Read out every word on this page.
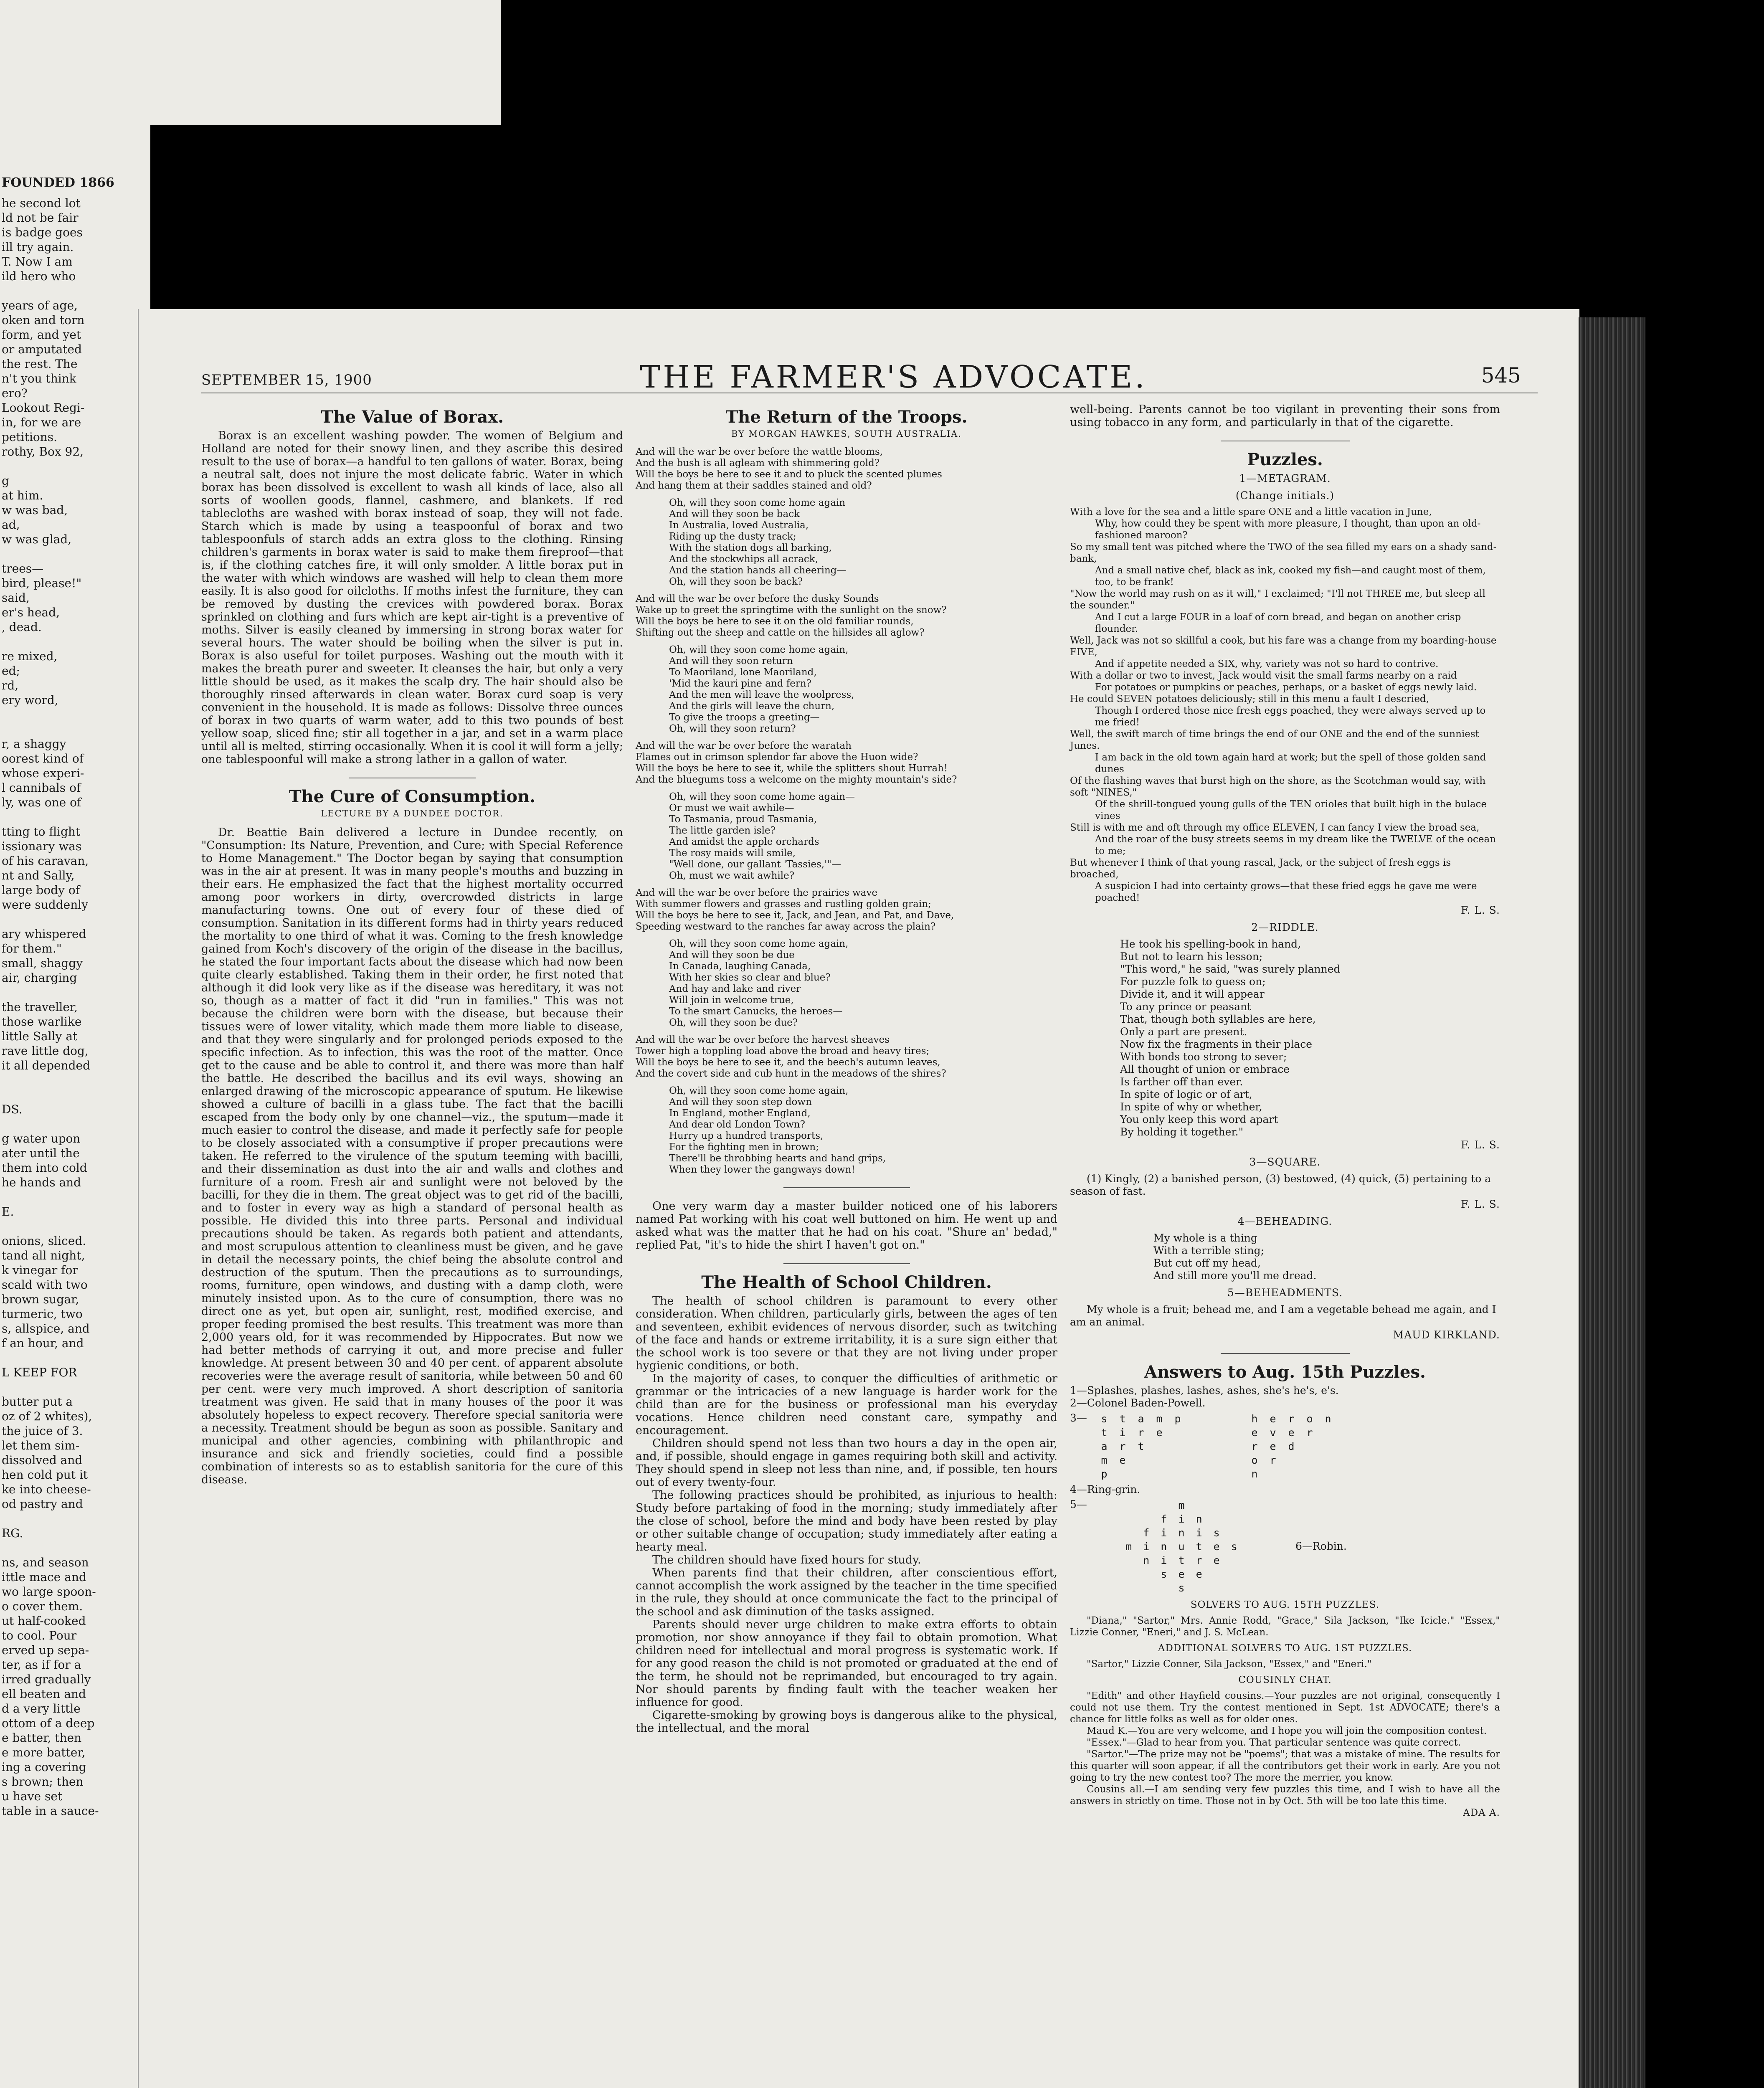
FOUNDED 1866
he second lot
ld not be fair
is badge goes
ill try again.
T. Now I am
ild hero who

years of age,
oken and torn
form, and yet
or amputated
the rest. The
n't you think
ero?
Lookout Regi-
in, for we are
petitions.
rothy, Box 92,

g
at him.
w was bad,
ad,
w was glad,

trees—
bird, please!"
said,
er's head,
, dead.

re mixed,
ed;
rd,
ery word,

r, a shaggy
oorest kind of
whose experi-
l cannibals of
ly, was one of

tting to flight
issionary was
of his caravan,
nt and Sally,
large body of
were suddenly

ary whispered
for them."
small, shaggy
air, charging

the traveller,
those warlike
little Sally at
rave little dog,
it all depended

DS.

g water upon
ater until the
them into cold
he hands and

E.

onions, sliced.
tand all night,
k vinegar for
scald with two
brown sugar,
turmeric, two
s, allspice, and
f an hour, and

L KEEP FOR

butter put a
oz of 2 whites),
the juice of 3.
let them sim-
dissolved and
hen cold put it
ke into cheese-
od pastry and

RG.

ns, and season
ittle mace and
wo large spoon-
o cover them.
ut half-cooked
to cool. Pour
erved up sepa-
ter, as if for a
irred gradually
ell beaten and
d a very little
ottom of a deep
e batter, then
e more batter,
ing a covering
s brown; then
u have set
table in a sauce-
SEPTEMBER 15, 1900	THE FARMER'S ADVOCATE.	545
The Value of Borax.

Borax is an excellent washing powder. The women of Belgium and Holland are noted for their snowy linen, and they ascribe this desired result to the use of borax—a handful to ten gallons of water. Borax, being a neutral salt, does not injure the most delicate fabric. Water in which borax has been dissolved is excellent to wash all kinds of lace, also all sorts of woollen goods, flannel, cashmere, and blankets. If red tablecloths are washed with borax instead of soap, they will not fade. Starch which is made by using a teaspoonful of borax and two tablespoonfuls of starch adds an extra gloss to the clothing. Rinsing children's garments in borax water is said to make them fireproof—that is, if the clothing catches fire, it will only smolder. A little borax put in the water with which windows are washed will help to clean them more easily. It is also good for oilcloths. If moths infest the furniture, they can be removed by dusting the crevices with powdered borax. Borax sprinkled on clothing and furs which are kept air-tight is a preventive of moths. Silver is easily cleaned by immersing in strong borax water for several hours. The water should be boiling when the silver is put in. Borax is also useful for toilet purposes. Washing out the mouth with it makes the breath purer and sweeter. It cleanses the hair, but only a very little should be used, as it makes the scalp dry. The hair should also be thoroughly rinsed afterwards in clean water. Borax curd soap is very convenient in the household. It is made as follows: Dissolve three ounces of borax in two quarts of warm water, add to this two pounds of best yellow soap, sliced fine; stir all together in a jar, and set in a warm place until all is melted, stirring occasionally. When it is cool it will form a jelly; one tablespoonful will make a strong lather in a gallon of water.

The Cure of Consumption.
LECTURE BY A DUNDEE DOCTOR.

Dr. Beattie Bain delivered a lecture in Dundee recently, on "Consumption: Its Nature, Prevention, and Cure; with Special Reference to Home Management." The Doctor began by saying that consumption was in the air at present. It was in many people's mouths and buzzing in their ears. He emphasized the fact that the highest mortality occurred among poor workers in dirty, overcrowded districts in large manufacturing towns. One out of every four of these died of consumption. Sanitation in its different forms had in thirty years reduced the mortality to one third of what it was. Coming to the fresh knowledge gained from Koch's discovery of the origin of the disease in the bacillus, he stated the four important facts about the disease which had now been quite clearly established. Taking them in their order, he first noted that although it did look very like as if the disease was hereditary, it was not so, though as a matter of fact it did "run in families." This was not because the children were born with the disease, but because their tissues were of lower vitality, which made them more liable to disease, and that they were singularly and for prolonged periods exposed to the specific infection. As to infection, this was the root of the matter. Once get to the cause and be able to control it, and there was more than half the battle. He described the bacillus and its evil ways, showing an enlarged drawing of the microscopic appearance of sputum. He likewise showed a culture of bacilli in a glass tube. The fact that the bacilli escaped from the body only by one channel—viz., the sputum—made it much easier to control the disease, and made it perfectly safe for people to be closely associated with a consumptive if proper precautions were taken. He referred to the virulence of the sputum teeming with bacilli, and their dissemination as dust into the air and walls and clothes and furniture of a room. Fresh air and sunlight were not beloved by the bacilli, for they die in them. The great object was to get rid of the bacilli, and to foster in every way as high a standard of personal health as possible. He divided this into three parts. Personal and individual precautions should be taken. As regards both patient and attendants, and most scrupulous attention to cleanliness must be given, and he gave in detail the necessary points, the chief being the absolute control and destruction of the sputum. Then the precautions as to surroundings, rooms, furniture, open windows, and dusting with a damp cloth, were minutely insisted upon. As to the cure of consumption, there was no direct one as yet, but open air, sunlight, rest, modified exercise, and proper feeding promised the best results. This treatment was more than 2,000 years old, for it was recommended by Hippocrates. But now we had better methods of carrying it out, and more precise and fuller knowledge. At present between 30 and 40 per cent. of apparent absolute recoveries were the average result of sanitoria, while between 50 and 60 per cent. were very much improved. A short description of sanitoria treatment was given. He said that in many houses of the poor it was absolutely hopeless to expect recovery. Therefore special sanitoria were a necessity. Treatment should be begun as soon as possible. Sanitary and municipal and other agencies, combining with philanthropic and insurance and sick and friendly societies, could find a possible combination of interests so as to establish sanitoria for the cure of this disease.

The Return of the Troops.
BY MORGAN HAWKES, SOUTH AUSTRALIA.
And will the war be over before the wattle blooms,
And the bush is all agleam with shimmering gold?
Will the boys be here to see it and to pluck the scented plumes
And hang them at their saddles stained and old?
Oh, will they soon come home again
And will they soon be back
In Australia, loved Australia,
Riding up the dusty track;
With the station dogs all barking,
And the stockwhips all acrack,
And the station hands all cheering—
Oh, will they soon be back?
And will the war be over before the dusky Sounds
Wake up to greet the springtime with the sunlight on the snow?
Will the boys be here to see it on the old familiar rounds,
Shifting out the sheep and cattle on the hillsides all aglow?
Oh, will they soon come home again,
And will they soon return
To Maoriland, lone Maoriland,
'Mid the kauri pine and fern?
And the men will leave the woolpress,
And the girls will leave the churn,
To give the troops a greeting—
Oh, will they soon return?
And will the war be over before the waratah
Flames out in crimson splendor far above the Huon wide?
Will the boys be here to see it, while the splitters shout Hurrah!
And the bluegums toss a welcome on the mighty mountain's side?
Oh, will they soon come home again—
Or must we wait awhile—
To Tasmania, proud Tasmania,
The little garden isle?
And amidst the apple orchards
The rosy maids will smile,
"Well done, our gallant 'Tassies,'"—
Oh, must we wait awhile?
And will the war be over before the prairies wave
With summer flowers and grasses and rustling golden grain;
Will the boys be here to see it, Jack, and Jean, and Pat, and Dave,
Speeding westward to the ranches far away across the plain?
Oh, will they soon come home again,
And will they soon be due
In Canada, laughing Canada,
With her skies so clear and blue?
And hay and lake and river
Will join in welcome true,
To the smart Canucks, the heroes—
Oh, will they soon be due?
And will the war be over before the harvest sheaves
Tower high a toppling load above the broad and heavy tires;
Will the boys be here to see it, and the beech's autumn leaves,
And the covert side and cub hunt in the meadows of the shires?
Oh, will they soon come home again,
And will they soon step down
In England, mother England,
And dear old London Town?
Hurry up a hundred transports,
For the fighting men in brown;
There'll be throbbing hearts and hand grips,
When they lower the gangways down!

One very warm day a master builder noticed one of his laborers named Pat working with his coat well buttoned on him. He went up and asked what was the matter that he had on his coat. "Shure an' bedad," replied Pat, "it's to hide the shirt I haven't got on."

The Health of School Children.

The health of school children is paramount to every other consideration. When children, particularly girls, between the ages of ten and seventeen, exhibit evidences of nervous disorder, such as twitching of the face and hands or extreme irritability, it is a sure sign either that the school work is too severe or that they are not living under proper hygienic conditions, or both.

In the majority of cases, to conquer the difficulties of arithmetic or grammar or the intricacies of a new language is harder work for the child than are for the business or professional man his everyday vocations. Hence children need constant care, sympathy and encouragement.

Children should spend not less than two hours a day in the open air, and, if possible, should engage in games requiring both skill and activity. They should spend in sleep not less than nine, and, if possible, ten hours out of every twenty-four.

The following practices should be prohibited, as injurious to health: Study before partaking of food in the morning; study immediately after the close of school, before the mind and body have been rested by play or other suitable change of occupation; study immediately after eating a hearty meal.

The children should have fixed hours for study.

When parents find that their children, after conscientious effort, cannot accomplish the work assigned by the teacher in the time specified in the rule, they should at once communicate the fact to the principal of the school and ask diminution of the tasks assigned.

Parents should never urge children to make extra efforts to obtain promotion, nor show annoyance if they fail to obtain promotion. What children need for intellectual and moral progress is systematic work. If for any good reason the child is not promoted or graduated at the end of the term, he should not be reprimanded, but encouraged to try again. Nor should parents by finding fault with the teacher weaken her influence for good.

Cigarette-smoking by growing boys is dangerous alike to the physical, the intellectual, and the moral

well-being. Parents cannot be too vigilant in preventing their sons from using tobacco in any form, and particularly in that of the cigarette.

Puzzles.
1—METAGRAM.
(Change initials.)
With a love for the sea and a little spare ONE and a little vacation in June,
Why, how could they be spent with more pleasure, I thought, than upon an old-fashioned maroon?
So my small tent was pitched where the TWO of the sea filled my ears on a shady sand-bank,
And a small native chef, black as ink, cooked my fish—and caught most of them, too, to be frank!
"Now the world may rush on as it will," I exclaimed; "I'll not THREE me, but sleep all the sounder."
And I cut a large FOUR in a loaf of corn bread, and began on another crisp flounder.
Well, Jack was not so skillful a cook, but his fare was a change from my boarding-house FIVE,
And if appetite needed a SIX, why, variety was not so hard to contrive.
With a dollar or two to invest, Jack would visit the small farms nearby on a raid
For potatoes or pumpkins or peaches, perhaps, or a basket of eggs newly laid.
He could SEVEN potatoes deliciously; still in this menu a fault I descried,
Though I ordered those nice fresh eggs poached, they were always served up to me fried!
Well, the swift march of time brings the end of our ONE and the end of the sunniest Junes.
I am back in the old town again hard at work; but the spell of those golden sand dunes
Of the flashing waves that burst high on the shore, as the Scotchman would say, with soft "NINES,"
Of the shrill-tongued young gulls of the TEN orioles that built high in the bulace vines
Still is with me and oft through my office ELEVEN, I can fancy I view the broad sea,
And the roar of the busy streets seems in my dream like the TWELVE of the ocean to me;
But whenever I think of that young rascal, Jack, or the subject of fresh eggs is broached,
A suspicion I had into certainty grows—that these fried eggs he gave me were poached!
F. L. S.
2—RIDDLE.
He took his spelling-book in hand,
But not to learn his lesson;
"This word," he said, "was surely planned
For puzzle folk to guess on;
Divide it, and it will appear
To any prince or peasant
That, though both syllables are here,
Only a part are present.
Now fix the fragments in their place
With bonds too strong to sever;
All thought of union or embrace
Is farther off than ever.
In spite of logic or of art,
In spite of why or whether,
You only keep this word apart
By holding it together."
F. L. S.
3—SQUARE.

(1) Kingly, (2) a banished person, (3) bestowed, (4) quick, (5) pertaining to a season of fast.

F. L. S.
4—BEHEADING.
My whole is a thing
With a terrible sting;
But cut off my head,
And still more you'll me dread.
5—BEHEADMENTS.

My whole is a fruit; behead me, and I am a vegetable behead me again, and I am an animal.

MAUD KIRKLAND.
Answers to Aug. 15th Puzzles.
1—Splashes, plashes, lashes, ashes, she's he's, e's.
2—Colonel Baden-Powell.
3—	s	t	a	m	p
t	i	r	e
a	r	t
m	e
p
h	e	r	o	n
e	v	e	r
r	e	d
o	r
n
4—Ring-grin.
5—	m
f i n
f i n i s
m i n u t e s
n i t r e
s e e
s
6—Robin.
SOLVERS TO AUG. 15TH PUZZLES.

"Diana," "Sartor," Mrs. Annie Rodd, "Grace," Sila Jackson, "Ike Icicle." "Essex," Lizzie Conner, "Eneri," and J. S. McLean.

ADDITIONAL SOLVERS TO AUG. 1ST PUZZLES.

"Sartor," Lizzie Conner, Sila Jackson, "Essex," and "Eneri."

COUSINLY CHAT.

"Edith" and other Hayfield cousins.—Your puzzles are not original, consequently I could not use them. Try the contest mentioned in Sept. 1st ADVOCATE; there's a chance for little folks as well as for older ones.

Maud K.—You are very welcome, and I hope you will join the composition contest.

"Essex."—Glad to hear from you. That particular sentence was quite correct.

"Sartor."—The prize may not be "poems"; that was a mistake of mine. The results for this quarter will soon appear, if all the contributors get their work in early. Are you not going to try the new contest too? The more the merrier, you know.

Cousins all.—I am sending very few puzzles this time, and I wish to have all the answers in strictly on time. Those not in by Oct. 5th will be too late this time.

ADA A.
